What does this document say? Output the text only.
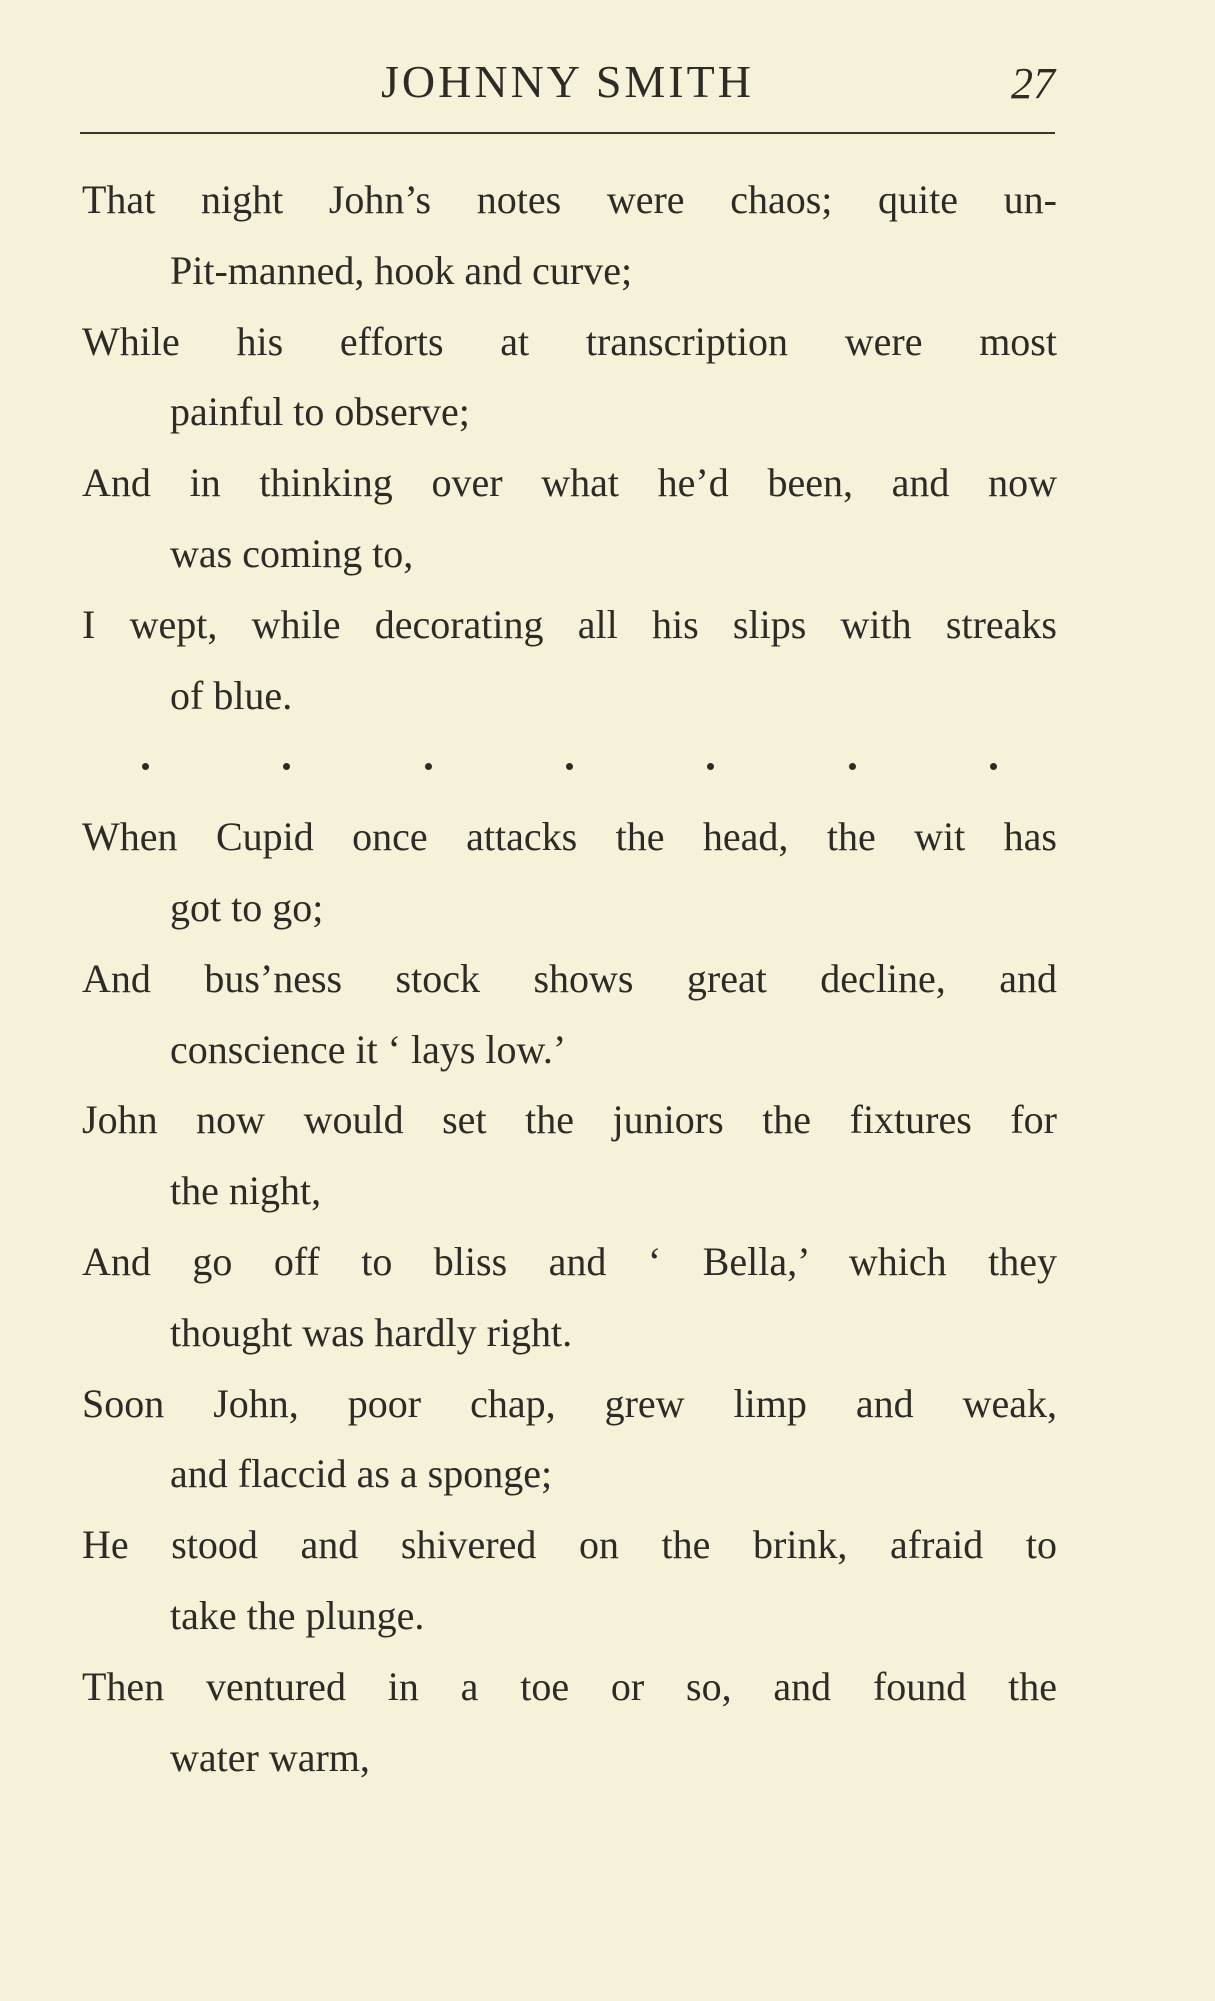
JOHNNY SMITH	27
That night John’s notes were chaos; quite un-
Pit-manned, hook and curve;
While his efforts at transcription were most
painful to observe;
And in thinking over what he’d been, and now
was coming to,
I wept, while decorating all his slips with streaks
of blue.
When Cupid once attacks the head, the wit has
got to go;
And bus’ness stock shows great decline, and
conscience it ‘ lays low.’
John now would set the juniors the fixtures for
the night,
And go off to bliss and ‘ Bella,’ which they
thought was hardly right.
Soon John, poor chap, grew limp and weak,
and flaccid as a sponge;
He stood and shivered on the brink, afraid to
take the plunge.
Then ventured in a toe or so, and found the
water warm,
